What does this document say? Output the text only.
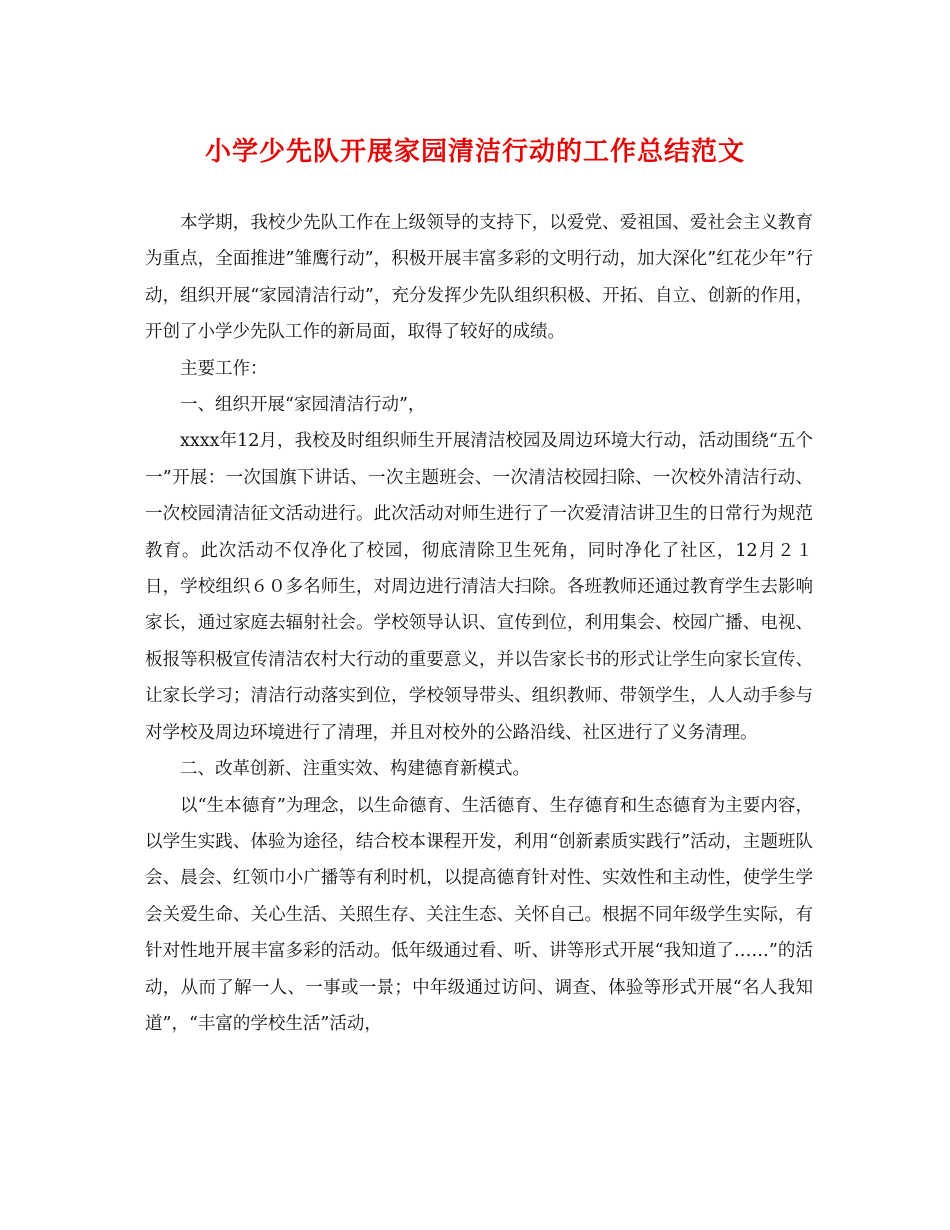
小学少先队开展家园清洁行动的工作总结范文

本学期，我校少先队工作在上级领导的支持下，以爱党、爱祖国、爱社会主义教育为重点，全面推进”雏鹰行动”，积极开展丰富多彩的文明行动，加大深化”红花少年”行动，组织开展“家园清洁行动”，充分发挥少先队组织积极、开拓、自立、创新的作用，开创了小学少先队工作的新局面，取得了较好的成绩。

主要工作：

一、组织开展“家园清洁行动”，

xxxx年12月，我校及时组织师生开展清洁校园及周边环境大行动，活动围绕“五个一”开展：一次国旗下讲话、一次主题班会、一次清洁校园扫除、一次校外清洁行动、一次校园清洁征文活动进行。此次活动对师生进行了一次爱清洁讲卫生的日常行为规范教育。此次活动不仅净化了校园，彻底清除卫生死角，同时净化了社区，12月２１日，学校组织６０多名师生，对周边进行清洁大扫除。各班教师还通过教育学生去影响家长，通过家庭去辐射社会。学校领导认识、宣传到位，利用集会、校园广播、电视、板报等积极宣传清洁农村大行动的重要意义，并以告家长书的形式让学生向家长宣传、让家长学习；清洁行动落实到位，学校领导带头、组织教师、带领学生，人人动手参与对学校及周边环境进行了清理，并且对校外的公路沿线、社区进行了义务清理。

二、改革创新、注重实效、构建德育新模式。

以“生本德育”为理念，以生命德育、生活德育、生存德育和生态德育为主要内容，以学生实践、体验为途径，结合校本课程开发，利用“创新素质实践行”活动，主题班队会、晨会、红领巾小广播等有利时机，以提高德育针对性、实效性和主动性，使学生学会关爱生命、关心生活、关照生存、关注生态、关怀自己。根据不同年级学生实际，有针对性地开展丰富多彩的活动。低年级通过看、听、讲等形式开展“我知道了……”的活动，从而了解一人、一事或一景；中年级通过访问、调查、体验等形式开展“名人我知道”，“丰富的学校生活”活动，
